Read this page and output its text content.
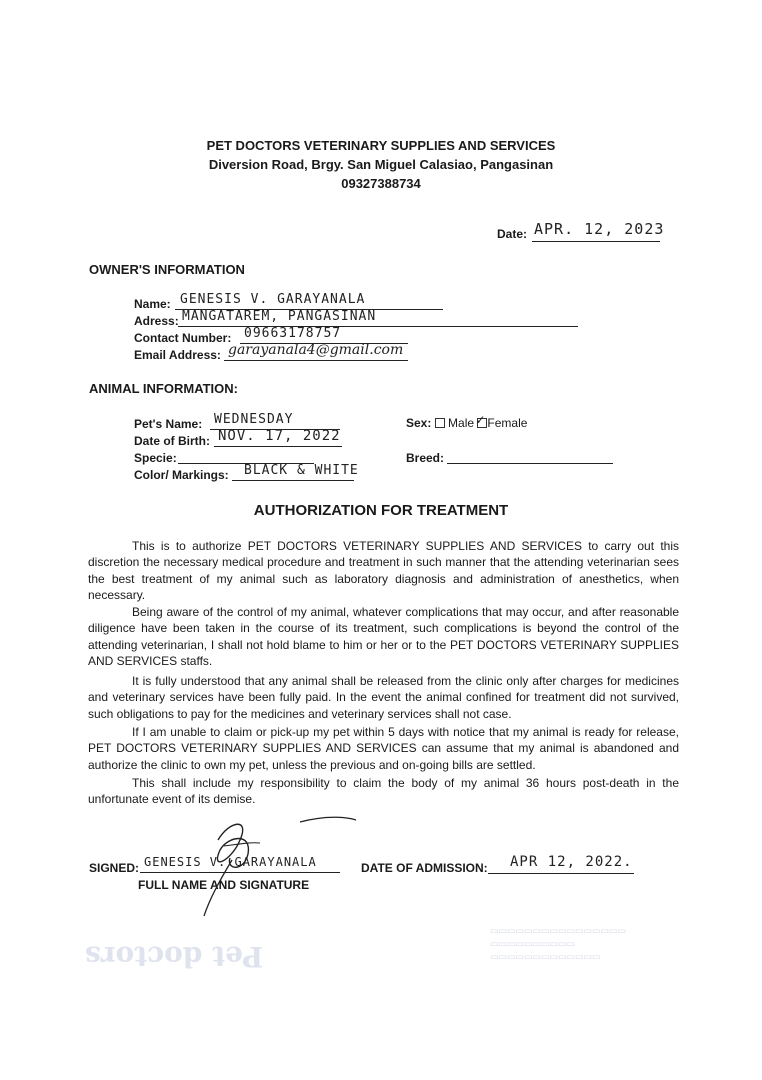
Pet doctors	▭▭▭▭▭▭▭▭▭▭▭▭▭
▭▭▭▭▭▭▭▭▭▭
▭▭▭▭▭▭▭▭▭▭▭▭▭▭▭▭
PET DOCTORS VETERINARY SUPPLIES AND SERVICES
Diversion Road, Brgy. San Miguel Calasiao, Pangasinan
09327388734
Date: APR. 12, 2023
OWNER'S INFORMATION
Name: GENESIS V. GARAYANALA
Adress: MANGATAREM, PANGASINAN
Contact Number: 09663178757
Email Address: garayanala4@gmail.com
ANIMAL INFORMATION:
Pet's Name: WEDNESDAY
Date of Birth: NOV. 17, 2022
Specie:
Color/ Markings: BLACK & WHITE
Sex: Male ✓ Female
Breed:
AUTHORIZATION FOR TREATMENT
This is to authorize PET DOCTORS VETERINARY SUPPLIES AND SERVICES to carry out this discretion the necessary medical procedure and treatment in such manner that the attending veterinarian sees the best treatment of my animal such as laboratory diagnosis and administration of anesthetics, when necessary.
Being aware of the control of my animal, whatever complications that may occur, and after reasonable diligence have been taken in the course of its treatment, such complications is beyond the control of the attending veterinarian, I shall not hold blame to him or her or to the PET DOCTORS VETERINARY SUPPLIES AND SERVICES staffs.
It is fully understood that any animal shall be released from the clinic only after charges for medicines and veterinary services have been fully paid. In the event the animal confined for treatment did not survived, such obligations to pay for the medicines and veterinary services shall not case.
If I am unable to claim or pick-up my pet within 5 days with notice that my animal is ready for release, PET DOCTORS VETERINARY SUPPLIES AND SERVICES can assume that my animal is abandoned and authorize the clinic to own my pet, unless the previous and on-going bills are settled.
This shall include my responsibility to claim the body of my animal 36 hours post-death in the unfortunate event of its demise.
SIGNED: GENESIS V. GARAYANALA
FULL NAME AND SIGNATURE
DATE OF ADMISSION: APR 12, 2022.
